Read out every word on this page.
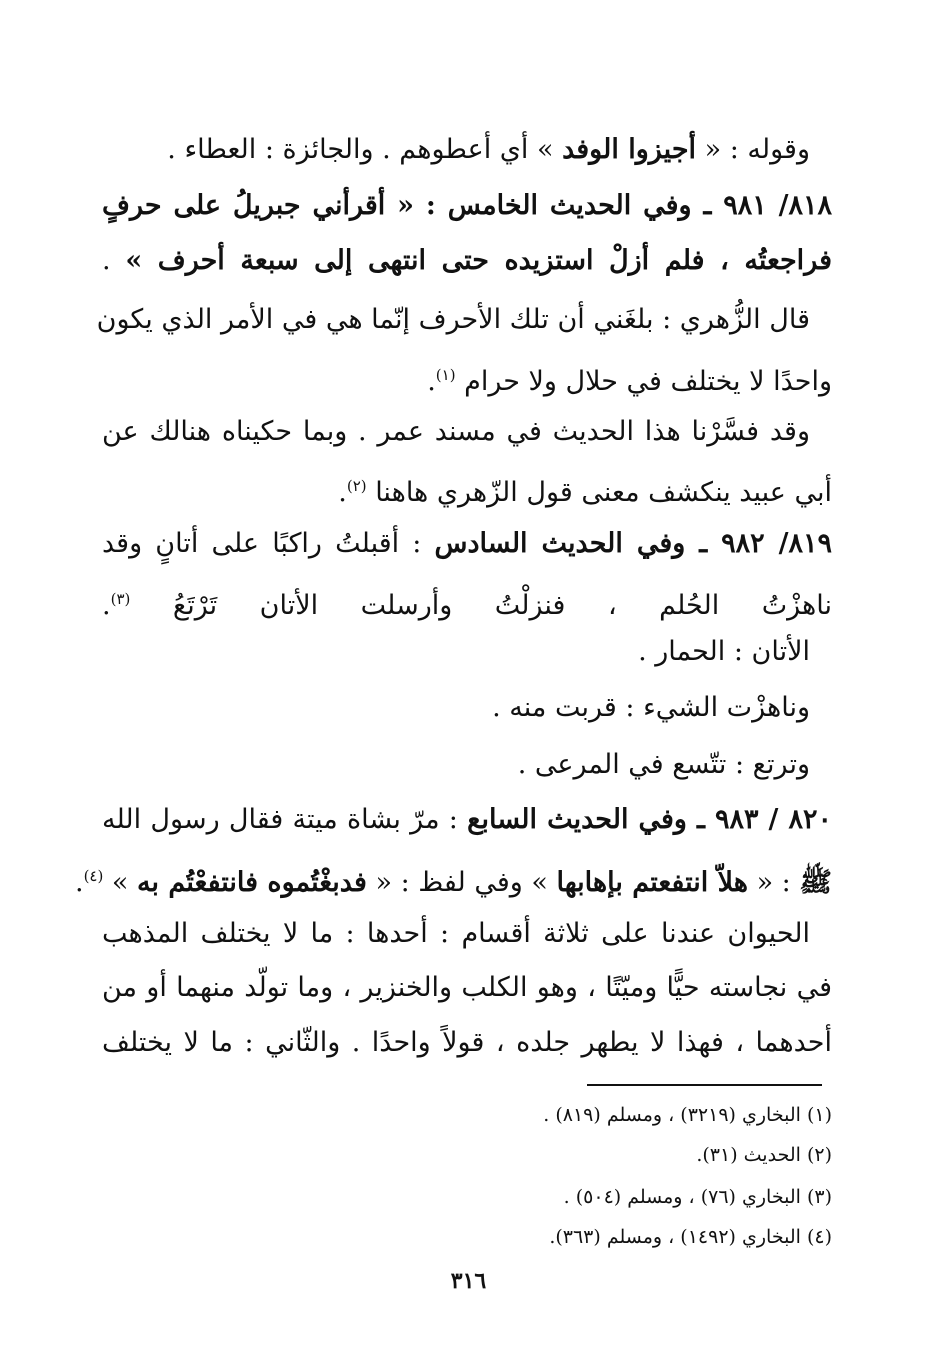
وقوله : « أجيزوا الوفد » أي أعطوهم . والجائزة : العطاء .
٨١٨/ ٩٨١ ـ وفي الحديث الخامس : « أقرأني جبريلُ على حرفٍ
فراجعتُه ، فلم أزلْ استزيده حتى انتهى إلى سبعة أحرف » .
قال الزُّهري : بلغَني أن تلك الأحرف إنّما هي في الأمر الذي يكون
واحدًا لا يختلف في حلال ولا حرام $^{(١)}$.
وقد فسَّرْنا هذا الحديث في مسند عمر . وبما حكيناه هنالك عن
أبي عبيد ينكشف معنى قول الزّهري هاهنا $^{(٢)}$.
٨١٩/ ٩٨٢ ـ وفي الحديث السادس : أقبلتُ راكبًا على أتانٍ وقد
ناهزْتُ الحُلم ، فنزلْتُ وأرسلت الأتان تَرْتَعُ $^{(٣)}$.
الأتان : الحمار .
وناهزْت الشيء : قربت منه .
وترتع : تتّسع في المرعى .
٨٢٠ / ٩٨٣ ـ وفي الحديث السابع : مرّ بشاة ميتة فقال رسول الله
ﷺ : « هلاّ انتفعتم بإهابها » وفي لفظ : « فدبغْتُموه فانتفعْتُم به » $^{(٤)}$.
الحيوان عندنا على ثلاثة أقسام : أحدها : ما لا يختلف المذهب
في نجاسته حيًّا وميّتًا ، وهو الكلب والخنزير ، وما تولّد منهما أو من
أحدهما ، فهذا لا يطهر جلده ، قولاً واحدًا . والثّاني : ما لا يختلف
(١) البخاري (٣٢١٩) ، ومسلم (٨١٩) .
(٢) الحديث (٣١).
(٣) البخاري (٧٦) ، ومسلم (٥٠٤) .
(٤) البخاري (١٤٩٢) ، ومسلم (٣٦٣).
٣١٦
